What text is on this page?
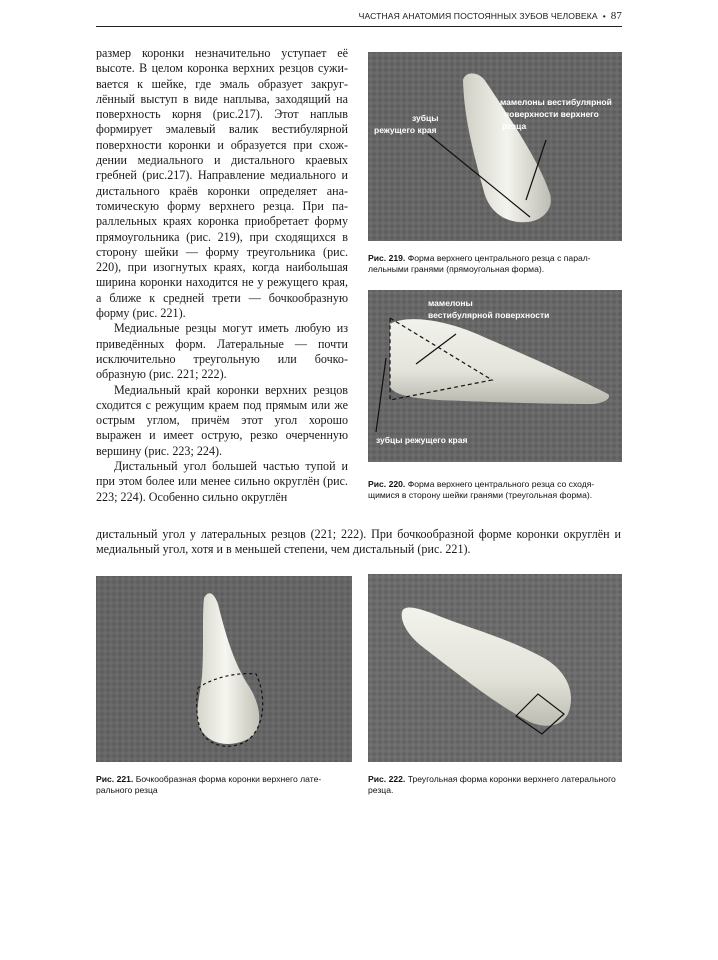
ЧАСТНАЯ АНАТОМИЯ ПОСТОЯННЫХ ЗУБОВ ЧЕЛОВЕКА • 87

размер коронки незначительно уступает её высоте. В целом коронка верхних резцов суживается к шейке, где эмаль образует закруглённый выступ в виде наплыва, заходящий на поверхность корня (рис.217). Этот наплыв формирует эмалевый валик вестибулярной поверхности коронки и образуется при схождении медиального и дистального краевых гребней (рис.217). Направление медиального и дистального краёв коронки определяет анатомическую форму верхнего резца. При параллельных краях коронка приобретает форму прямоугольника (рис. 219), при сходящихся в сторону шейки — форму треугольника (рис. 220), при изогнутых краях, когда наибольшая ширина коронки находится не у режущего края, а ближе к средней трети — бочкообразную форму (рис. 221).

Медиальные резцы могут иметь любую из приведённых форм. Латеральные — почти исключительно треугольную или бочкообразную (рис. 221; 222).

Медиальный край коронки верхних резцов сходится с режущим краем под прямым или же острым углом, причём этот угол хорошо выражен и имеет острую, резко очерченную вершину (рис. 223; 224).

Дистальный угол большей частью тупой и при этом более или менее сильно округлён (рис. 223; 224). Особенно сильно округлён

дистальный угол у латеральных резцов (221; 222). При бочкообразной форме коронки округлён и медиальный угол, хотя и в меньшей степени, чем дистальный (рис. 221).

зубцы
режущего края
мамелоны вестибулярной
поверхности верхнего
резца
Рис. 219. Форма верхнего центрального резца с параллельными гранями (прямоугольная форма).
мамелоны
вестибулярной поверхности
зубцы режущего края
Рис. 220. Форма верхнего центрального резца со сходящимися в сторону шейки гранями (треугольная форма).
Рис. 221. Бочкообразная форма коронки верхнего латерального резца
Рис. 222. Треугольная форма коронки верхнего латерального резца.
